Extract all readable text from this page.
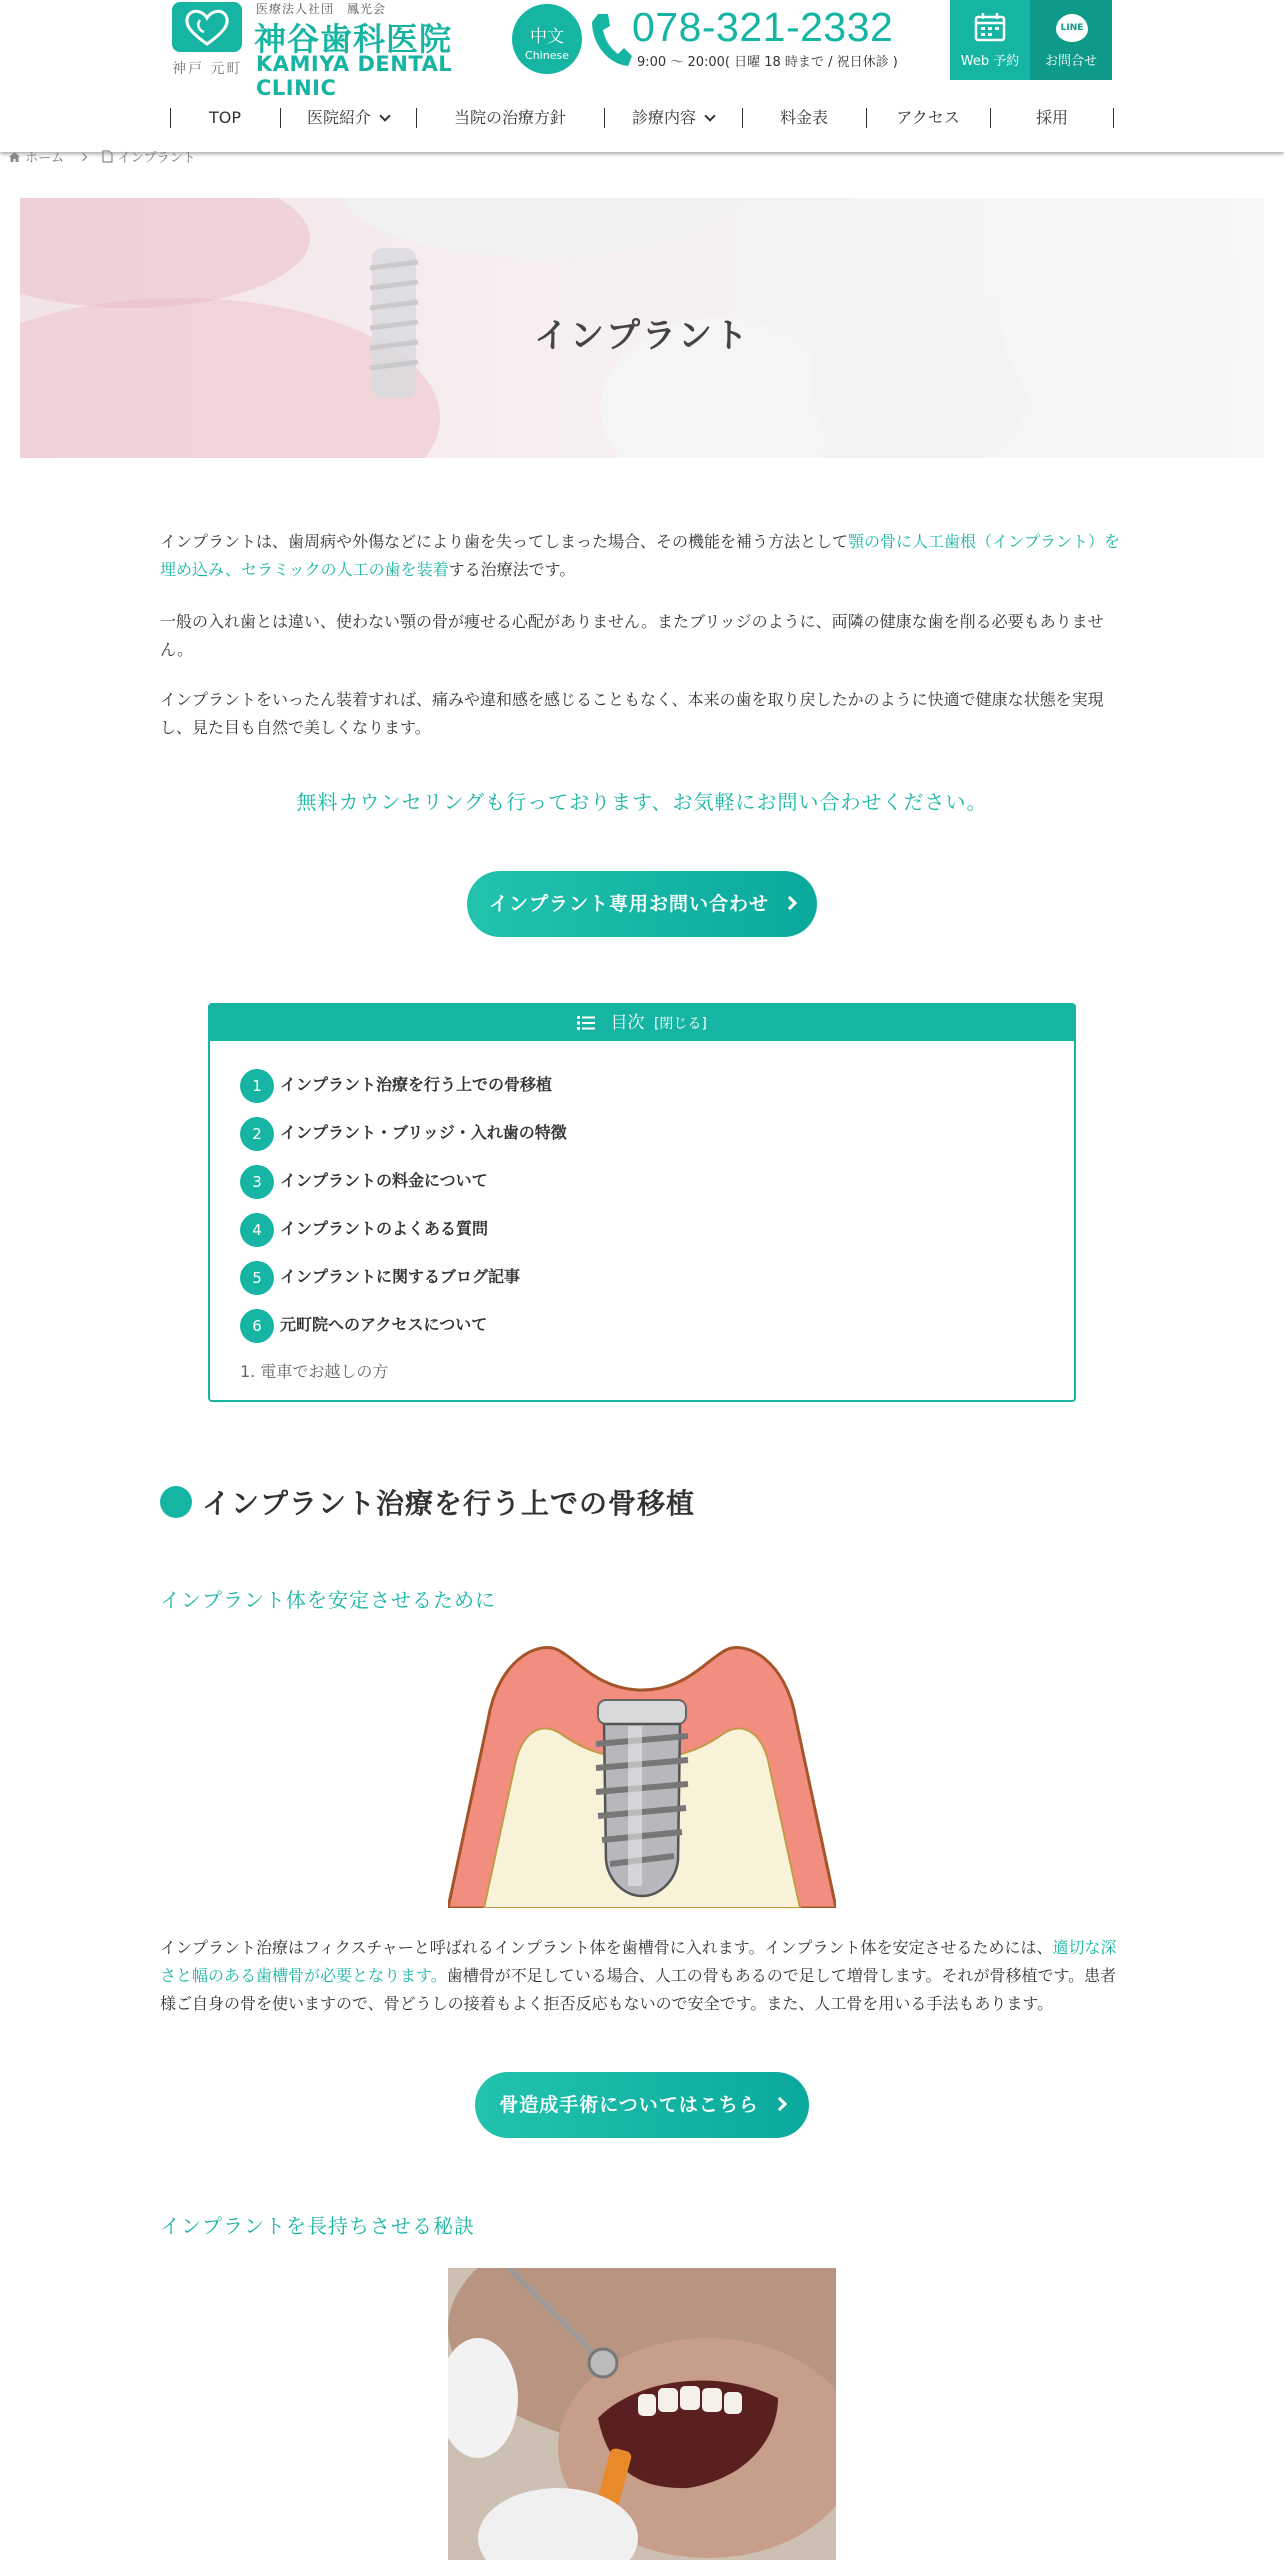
神戸 元町
医療法人社団　鳳光会
神谷歯科医院
KAMIYA DENTAL CLINIC
中文
Chinese
078-321-2332
9:00 〜 20:00( 日曜 18 時まで / 祝日休診 )	Web 予約
LINE
お問合せ
TOP	医院紹介	当院の治療方針	診療内容	料金表	アクセス	採用
ホーム	インプラント
インプラント

インプラントは、歯周病や外傷などにより歯を失ってしまった場合、その機能を補う方法として顎の骨に人工歯根（インプラント）を埋め込み、セラミックの人工の歯を装着する治療法です。

一般の入れ歯とは違い、使わない顎の骨が痩せる心配がありません。またブリッジのように、両隣の健康な歯を削る必要もありません。

インプラントをいったん装着すれば、痛みや違和感を感じることもなく、本来の歯を取り戻したかのように快適で健康な状態を実現し、見た目も自然で美しくなります。

無料カウンセリングも行っております、お気軽にお問い合わせください。
インプラント専用お問い合わせ
目次 [閉じる]
1 インプラント治療を行う上での骨移植
2 インプラント・ブリッジ・入れ歯の特徴
3 インプラントの料金について
4 インプラントのよくある質問
5 インプラントに関するブログ記事
6 元町院へのアクセスについて
1. 電車でお越しの方
インプラント治療を行う上での骨移植
インプラント体を安定させるために

インプラント治療はフィクスチャーと呼ばれるインプラント体を歯槽骨に入れます。インプラント体を安定させるためには、適切な深さと幅のある歯槽骨が必要となります。歯槽骨が不足している場合、人工の骨もあるので足して増骨します。それが骨移植です。患者様ご自身の骨を使いますので、骨どうしの接着もよく拒否反応もないので安全です。また、人工骨を用いる手法もあります。

骨造成手術についてはこちら
インプラントを長持ちさせる秘訣
